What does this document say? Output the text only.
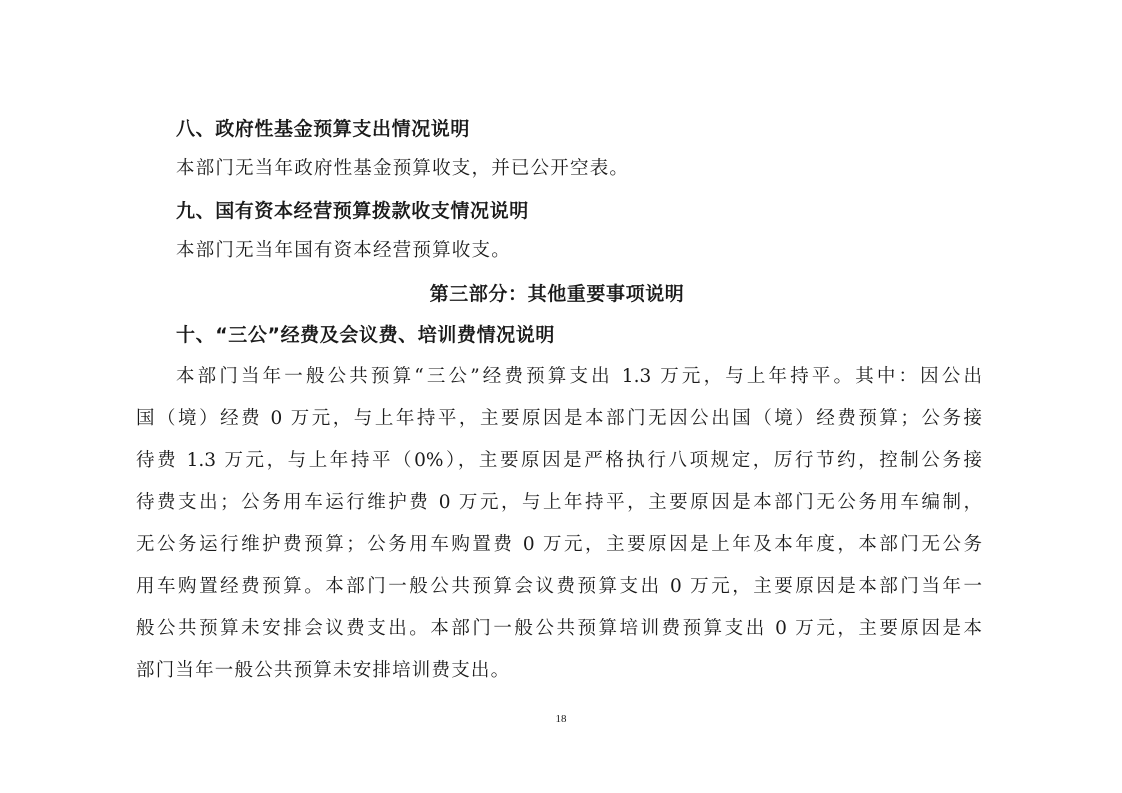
八、政府性基金预算支出情况说明
本部门无当年政府性基金预算收支，并已公开空表。
九、国有资本经营预算拨款收支情况说明
本部门无当年国有资本经营预算收支。
第三部分：其他重要事项说明
十、“三公”经费及会议费、培训费情况说明
本部门当年一般公共预算“三公”经费预算支出 1.3 万元，与上年持平。其中：因公出
国（境）经费 0 万元，与上年持平，主要原因是本部门无因公出国（境）经费预算；公务接
待费 1.3 万元，与上年持平（0%），主要原因是严格执行八项规定，厉行节约，控制公务接
待费支出；公务用车运行维护费 0 万元，与上年持平，主要原因是本部门无公务用车编制，
无公务运行维护费预算；公务用车购置费 0 万元，主要原因是上年及本年度，本部门无公务
用车购置经费预算。本部门一般公共预算会议费预算支出 0 万元，主要原因是本部门当年一
般公共预算未安排会议费支出。本部门一般公共预算培训费预算支出 0 万元，主要原因是本
部门当年一般公共预算未安排培训费支出。
18
